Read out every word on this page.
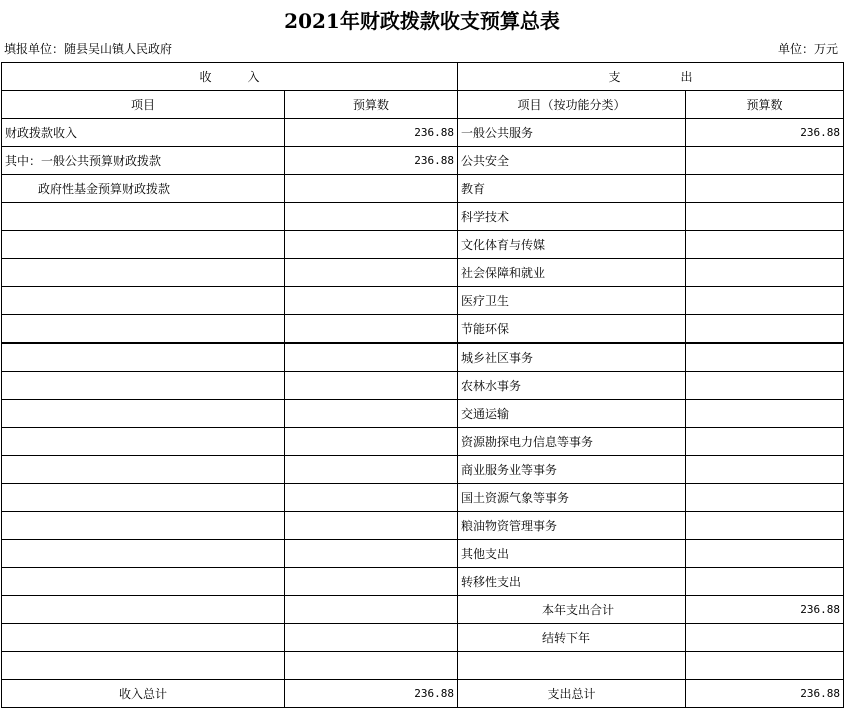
2021年财政拨款收支预算总表
填报单位：随县吴山镇人民政府	单位：万元
收　　　入		支　　　　　出	
项目	预算数	项目（按功能分类）	预算数
财政拨款收入	236.88	一般公共服务	236.88
其中：一般公共预算财政拨款	236.88	公共安全	
政府性基金预算财政拨款		教育	
		科学技术	
		文化体育与传媒	
		社会保障和就业	
		医疗卫生	
		节能环保	
		城乡社区事务	
		农林水事务	
		交通运输	
		资源勘探电力信息等事务	
		商业服务业等事务	
		国土资源气象等事务	
		粮油物资管理事务	
		其他支出	
		转移性支出	
		本年支出合计	236.88
		结转下年	

收入总计	236.88	支出总计	236.88
